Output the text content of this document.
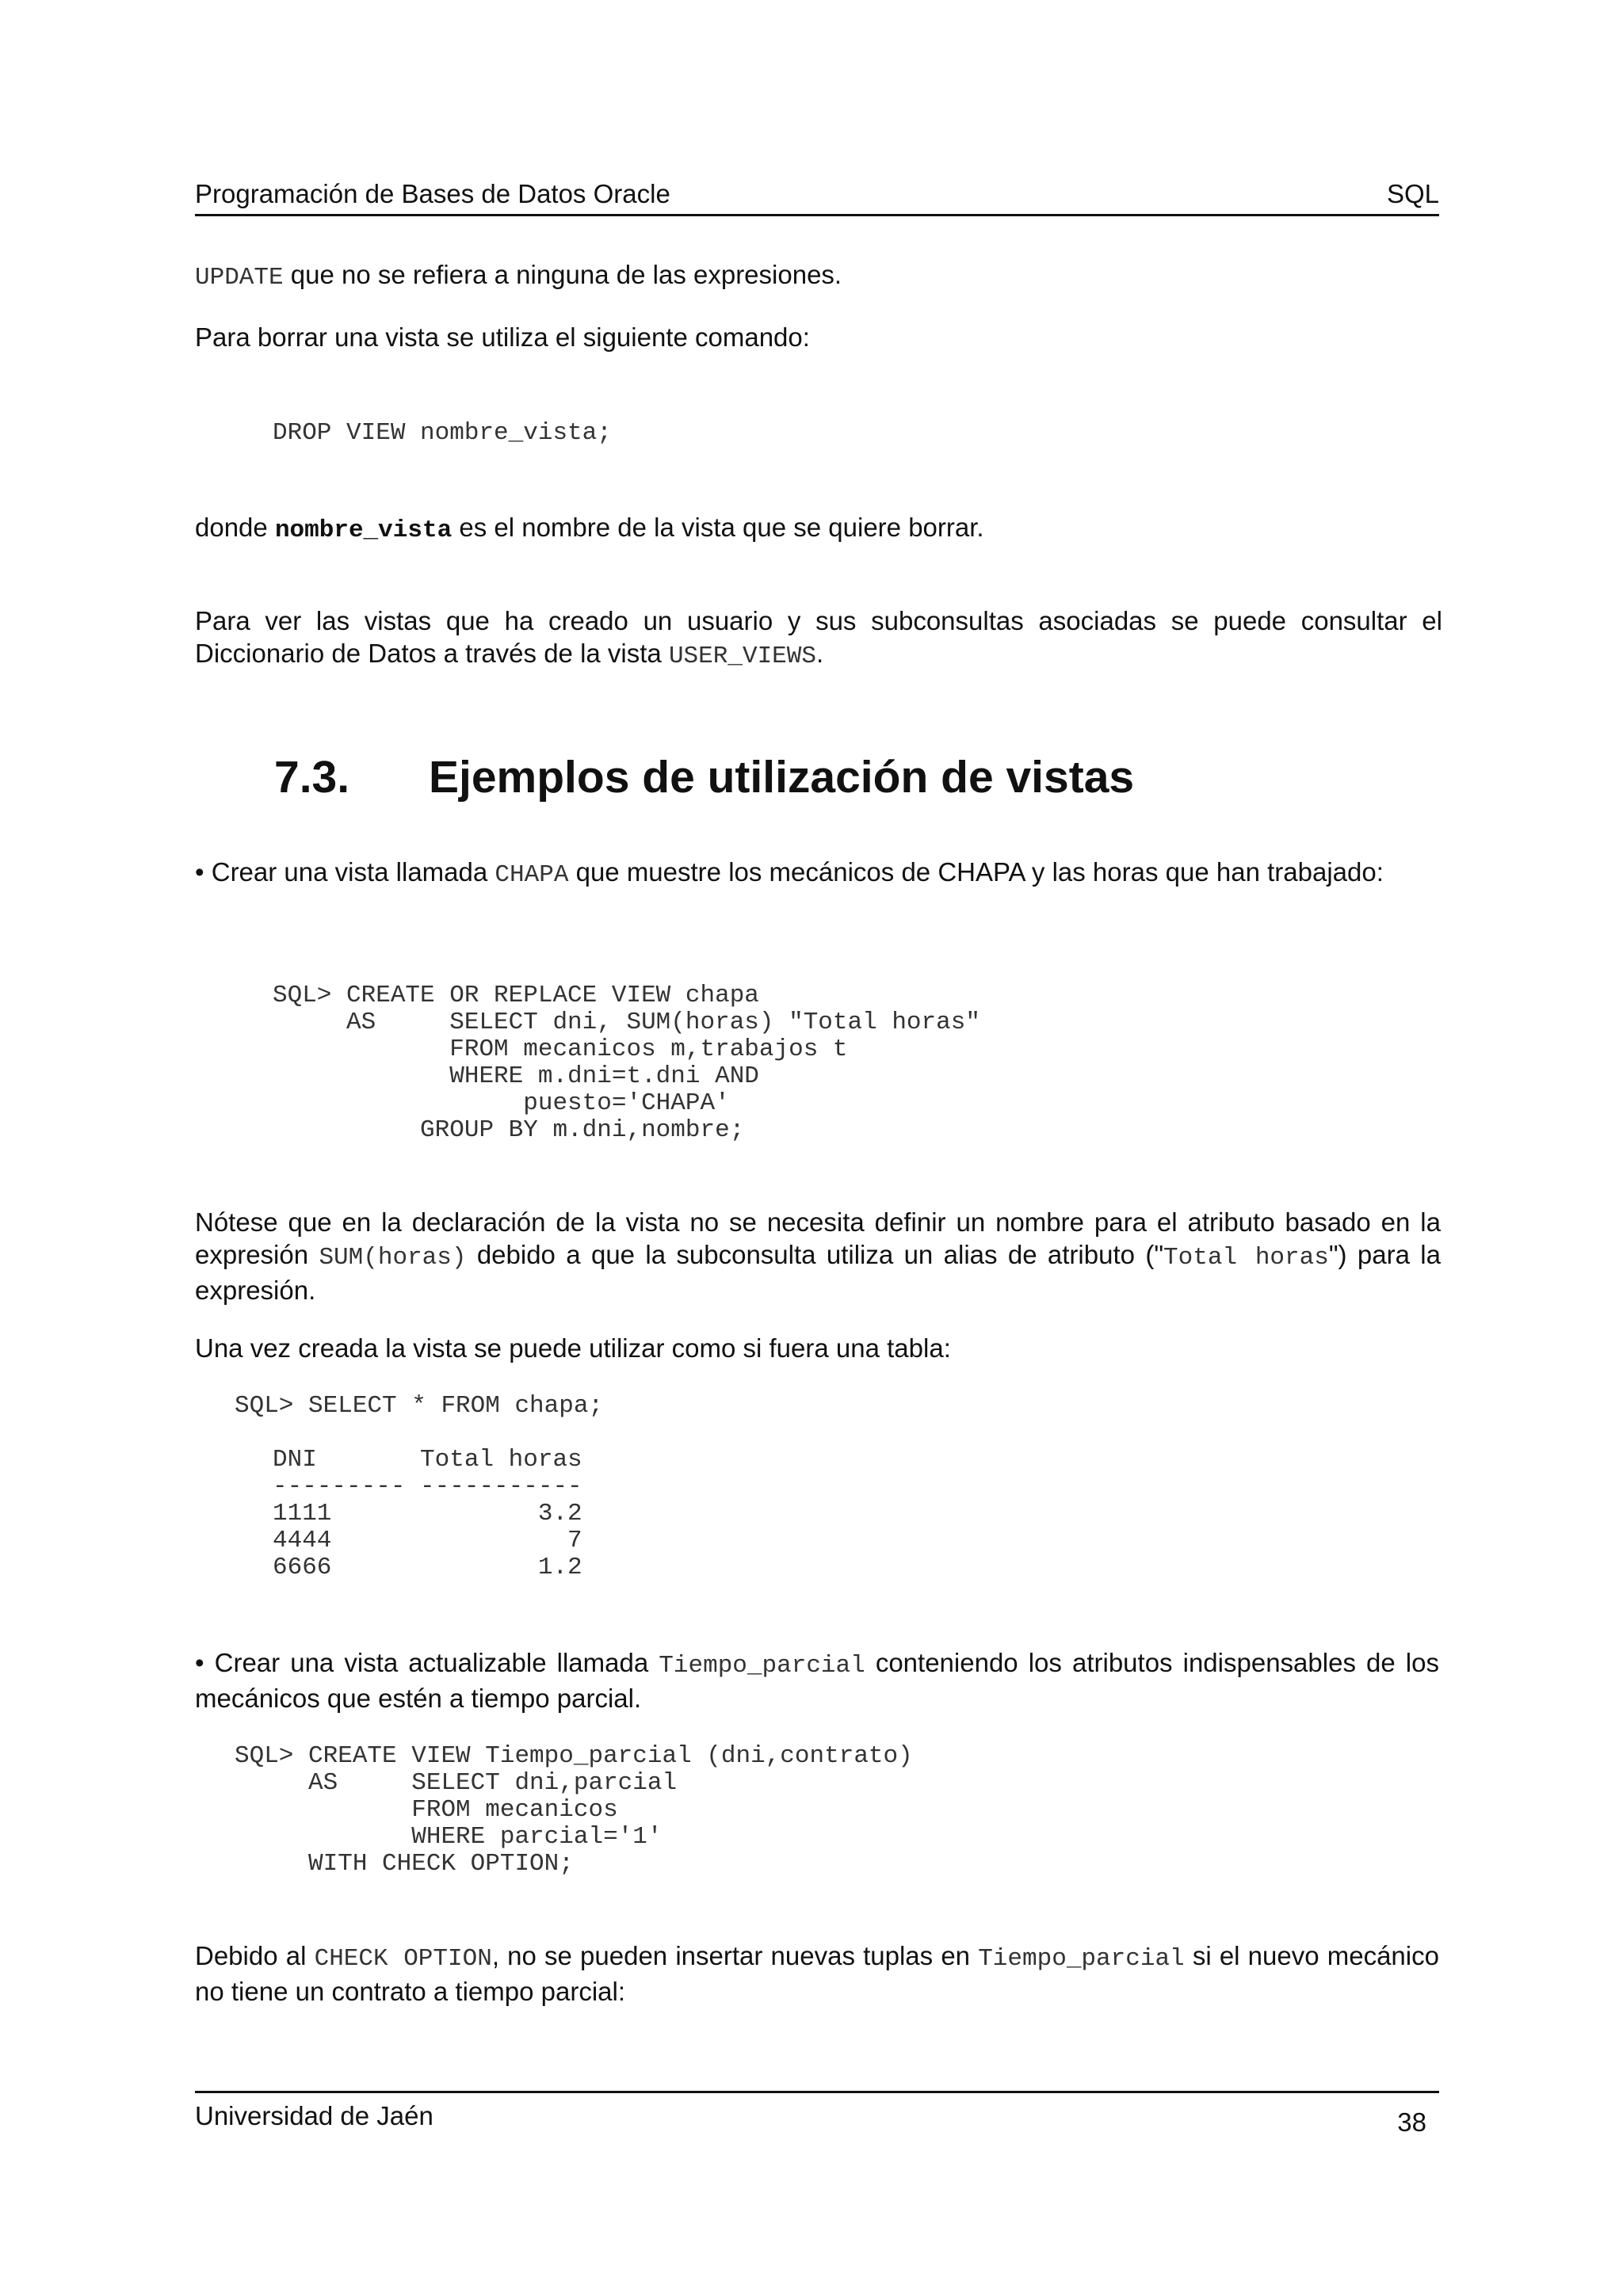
Programación de Bases de Datos Oracle	SQL
UPDATE que no se refiera a ninguna de las expresiones.
Para borrar una vista se utiliza el siguiente comando:
DROP VIEW nombre_vista;
donde nombre_vista es el nombre de la vista que se quiere borrar.
Para ver las vistas que ha creado un usuario y sus subconsultas asociadas se puede consultar el Diccionario de Datos a través de la vista USER_VIEWS.
7.3. Ejemplos de utilización de vistas
• Crear una vista llamada CHAPA que muestre los mecánicos de CHAPA y las horas que han trabajado:
SQL> CREATE OR REPLACE VIEW chapa
AS     SELECT dni, SUM(horas) "Total horas"
FROM mecanicos m,trabajos t
WHERE m.dni=t.dni AND
puesto='CHAPA'
GROUP BY m.dni,nombre;
Nótese que en la declaración de la vista no se necesita definir un nombre para el atributo basado en la expresión SUM(horas) debido a que la subconsulta utiliza un alias de atributo ("Total horas") para la expresión.
Una vez creada la vista se puede utilizar como si fuera una tabla:
SQL> SELECT * FROM chapa;
DNI       Total horas
--------- -----------
1111              3.2
4444                7
6666              1.2
• Crear una vista actualizable llamada Tiempo_parcial conteniendo los atributos indispensables de los mecánicos que estén a tiempo parcial.
SQL> CREATE VIEW Tiempo_parcial (dni,contrato)
AS     SELECT dni,parcial
FROM mecanicos
WHERE parcial='1'
WITH CHECK OPTION;
Debido al CHECK OPTION, no se pueden insertar nuevas tuplas en Tiempo_parcial si el nuevo mecánico no tiene un contrato a tiempo parcial:
Universidad de Jaén	38
